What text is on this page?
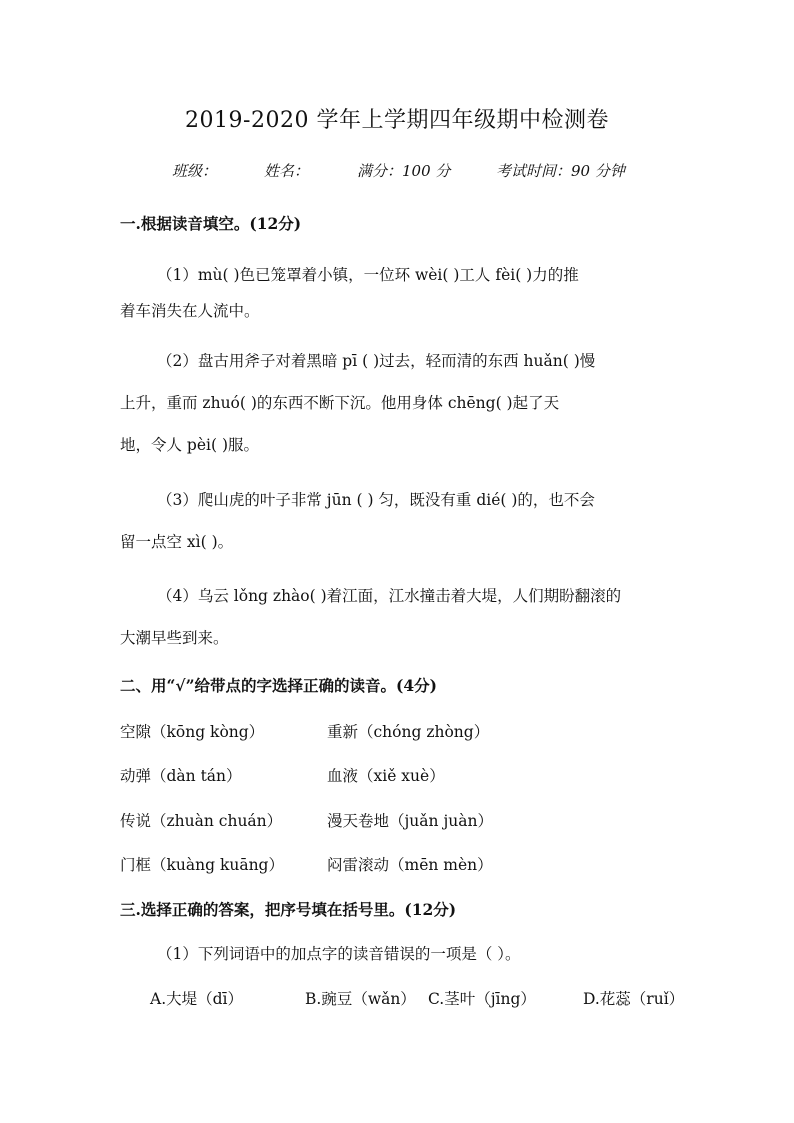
2019-2020 学年上学期四年级期中检测卷
班级：	姓名：	满分：100 分	考试时间：90 分钟
一.根据读音填空。(12分)
（1）mù( )色已笼罩着小镇，一位环 wèi( )工人 fèi( )力的推
着车消失在人流中。
（2）盘古用斧子对着黑暗 pī ( )过去，轻而清的东西 huǎn( )慢
上升，重而 zhuó( )的东西不断下沉。他用身体 chēng( )起了天
地，令人 pèi( )服。
（3）爬山虎的叶子非常 jūn ( ) 匀，既没有重 dié( )的，也不会
留一点空 xì( )。
（4）乌云 lǒng zhào( )着江面，江水撞击着大堤，人们期盼翻滚的
大潮早些到来。
二、用“√”给带点的字选择正确的读音。(4分)
空隙（kōng kòng）	重新（chóng zhòng）
动弹（dàn tán）	血液（xiě xuè）
传说（zhuàn chuán）	漫天卷地（juǎn juàn）
门框（kuàng kuāng）	闷雷滚动（mēn mèn）
三.选择正确的答案，把序号填在括号里。(12分)
（1）下列词语中的加点字的读音错误的一项是（ ）。
A.大堤（dī）	B.豌豆（wǎn） C.茎叶（jīng）	D.花蕊（ruǐ）
